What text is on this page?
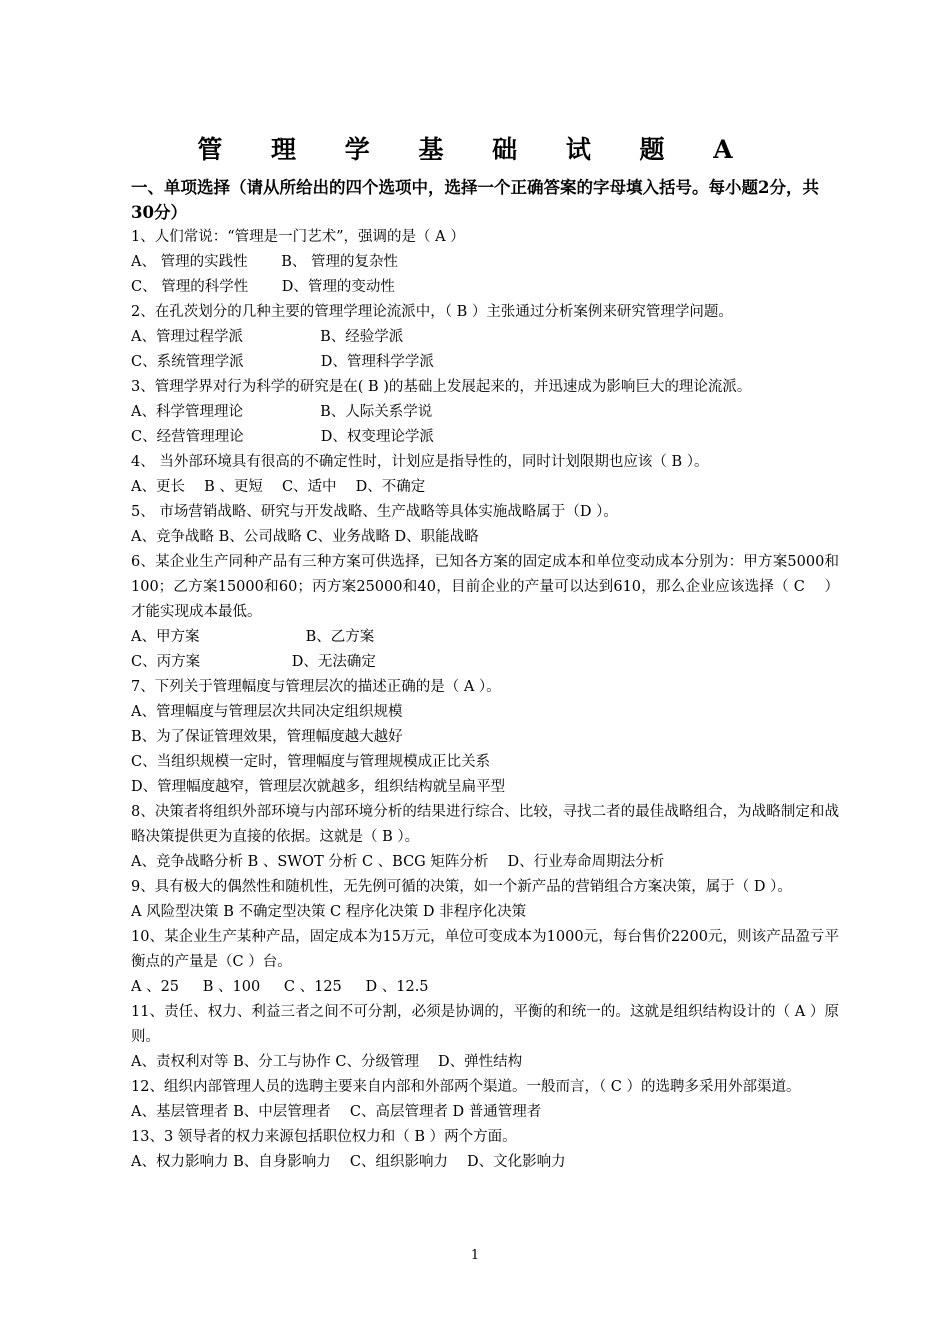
管 理 学 基 础 试 题 A

一、单项选择（请从所给出的四个选项中，选择一个正确答案的字母填入括号。每小题2分，共30分）

1、人们常说：“管理是一门艺术”，强调的是（ A ）

A、 管理的实践性 　　B、 管理的复杂性

C、 管理的科学性 　　D、管理的变动性

2、在孔茨划分的几种主要的管理学理论流派中，（ B ）主张通过分析案例来研究管理学问题。

A、管理过程学派 　　　　　B、经验学派

C、系统管理学派 　　　　　D、管理科学学派

3、管理学界对行为科学的研究是在( B )的基础上发展起来的，并迅速成为影响巨大的理论流派。

A、科学管理理论 　　　　　B、人际关系学说

C、经营管理理论 　　　　　D、权变理论学派

4、 当外部环境具有很高的不确定性时，计划应是指导性的，同时计划限期也应该（ B ）。

A、更长 　B 、更短 　C、适中 　D、不确定

5、 市场营销战略、研究与开发战略、生产战略等具体实施战略属于（D ）。

A、竞争战略 B、公司战略 C、业务战略 D、职能战略

6、某企业生产同种产品有三种方案可供选择，已知各方案的固定成本和单位变动成本分别为：甲方案5000和100；乙方案15000和60；丙方案25000和40，目前企业的产量可以达到610，那么企业应该选择（ C 　）才能实现成本最低。

A、甲方案 　　　　　　　B、乙方案

C、丙方案 　　　　　　D、无法确定

7、下列关于管理幅度与管理层次的描述正确的是（ A ）。

A、管理幅度与管理层次共同决定组织规模

B、为了保证管理效果，管理幅度越大越好

C、当组织规模一定时，管理幅度与管理规模成正比关系

D、管理幅度越窄，管理层次就越多，组织结构就呈扁平型

8、决策者将组织外部环境与内部环境分析的结果进行综合、比较，寻找二者的最佳战略组合，为战略制定和战略决策提供更为直接的依据。这就是（ B ）。

A、竞争战略分析 B 、SWOT 分析 C 、BCG 矩阵分析 　D、行业寿命周期法分析

9、具有极大的偶然性和随机性，无先例可循的决策，如一个新产品的营销组合方案决策，属于（ D ）。

A 风险型决策 B 不确定型决策 C 程序化决策 D 非程序化决策

10、某企业生产某种产品，固定成本为15万元，单位可变成本为1000元，每台售价2200元，则该产品盈亏平衡点的产量是（C ）台。

A 、25 　 B 、100 　 C 、125 　 D 、12.5

11、责任、权力、利益三者之间不可分割，必须是协调的，平衡的和统一的。这就是组织结构设计的（ A ）原则。

A、责权利对等 B、分工与协作 C、分级管理 　D、弹性结构

12、组织内部管理人员的选聘主要来自内部和外部两个渠道。一般而言，（ C ）的选聘多采用外部渠道。

A、基层管理者 B、中层管理者 　C、高层管理者 D 普通管理者

13、3 领导者的权力来源包括职位权力和（ B ）两个方面。

A、权力影响力 B、自身影响力 　C、组织影响力 　D、文化影响力

1
